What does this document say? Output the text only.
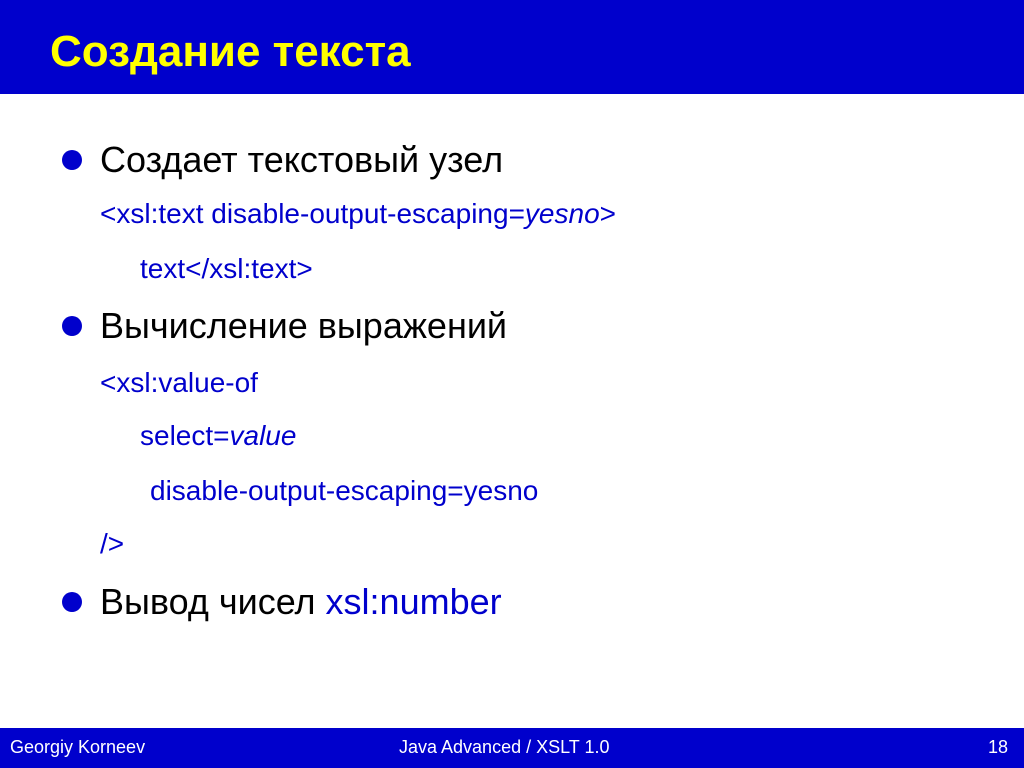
Создание текста
Создает текстовый узел
<xsl:text disable-output-escaping=yesno>
text</xsl:text>
Вычисление выражений
<xsl:value-of
select=value
disable-output-escaping=yesno
/>
Вывод чисел xsl:number
Georgiy Korneev	Java Advanced / XSLT 1.0	18
